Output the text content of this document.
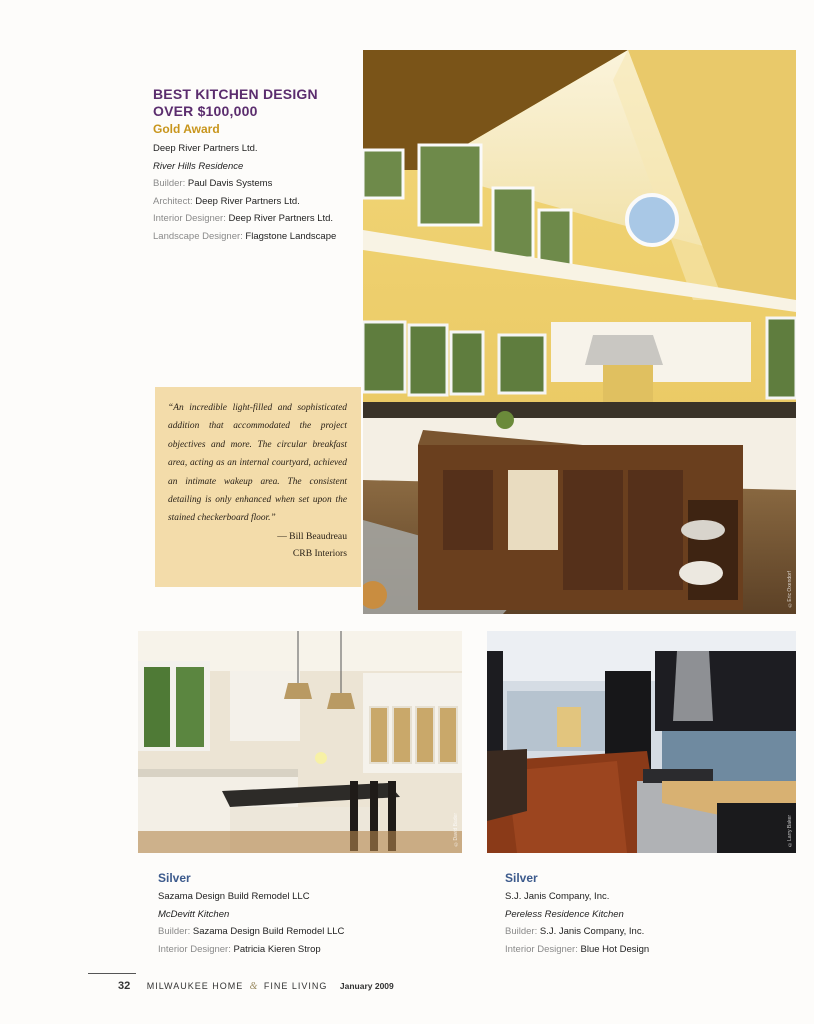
BEST KITCHEN DESIGN
OVER $100,000
Gold Award
Deep River Partners Ltd.
River Hills Residence
Builder: Paul Davis Systems
Architect: Deep River Partners Ltd.
Interior Designer: Deep River Partners Ltd.
Landscape Designer: Flagstone Landscape
©Eric Oxendorf

“An incredible light-filled and sophisticated addition that accommodated the project objectives and more. The circular breakfast area, acting as an internal courtyard, achieved an intimate wakeup area. The consistent detailing is only enhanced when set upon the stained checkerboard floor.”

— Bill Beaudreau
CRB Interiors
©David Bader	©Larry Baker
Silver
Sazama Design Build Remodel LLC
McDevitt Kitchen
Builder: Sazama Design Build Remodel LLC
Interior Designer: Patricia Kieren Strop
Silver
S.J. Janis Company, Inc.
Pereless Residence Kitchen
Builder: S.J. Janis Company, Inc.
Interior Designer: Blue Hot Design
32 MILWAUKEE HOME & FINE LIVING January 2009
